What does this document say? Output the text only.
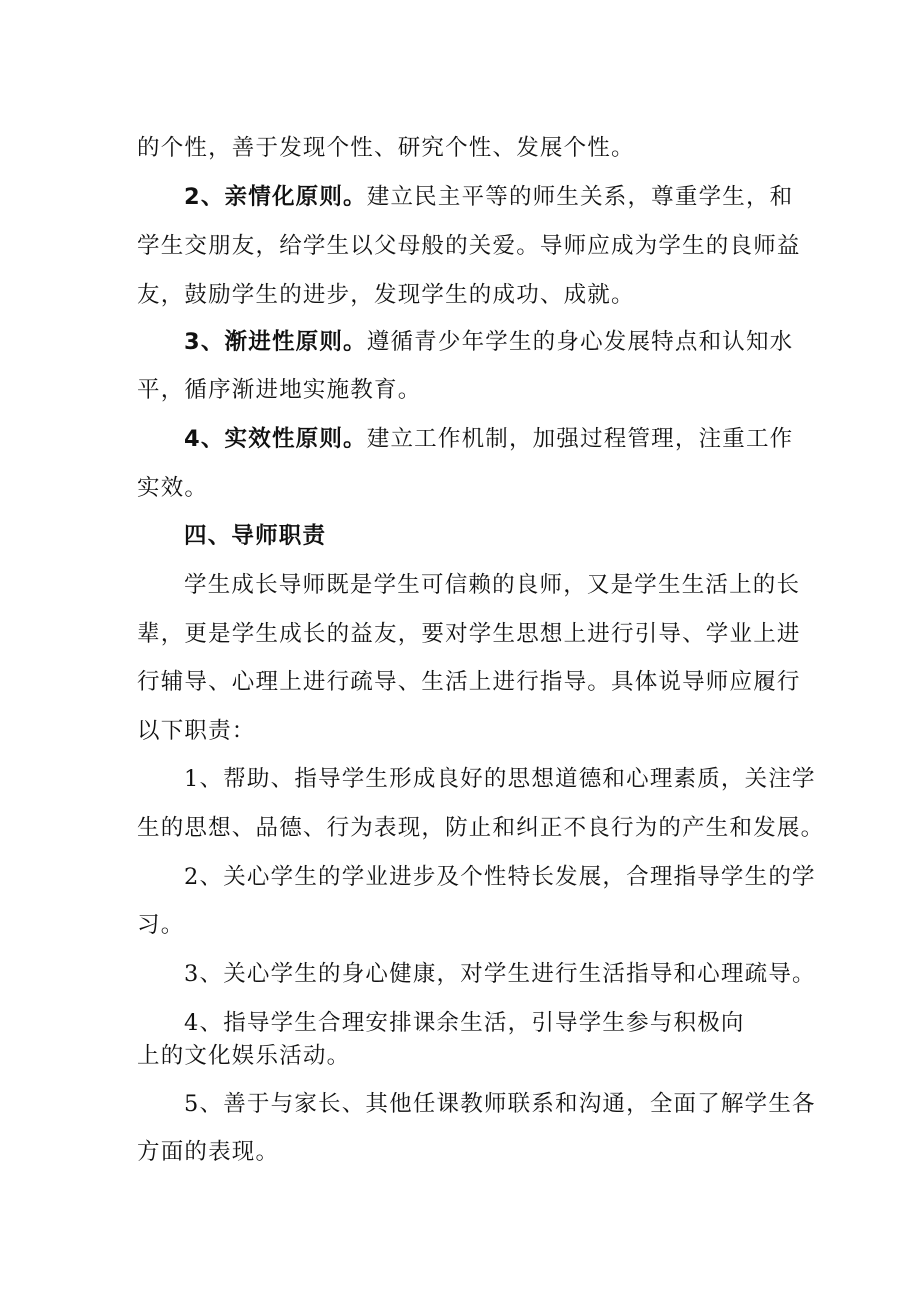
的个性，善于发现个性、研究个性、发展个性。
2、亲情化原则。建立民主平等的师生关系，尊重学生，和
学生交朋友，给学生以父母般的关爱。导师应成为学生的良师益
友，鼓励学生的进步，发现学生的成功、成就。
3、渐进性原则。遵循青少年学生的身心发展特点和认知水
平，循序渐进地实施教育。
4、实效性原则。建立工作机制，加强过程管理，注重工作
实效。
四、导师职责
学生成长导师既是学生可信赖的良师，又是学生生活上的长
辈，更是学生成长的益友，要对学生思想上进行引导、学业上进
行辅导、心理上进行疏导、生活上进行指导。具体说导师应履行
以下职责：
1、帮助、指导学生形成良好的思想道德和心理素质，关注学
生的思想、品德、行为表现，防止和纠正不良行为的产生和发展。
2、关心学生的学业进步及个性特长发展，合理指导学生的学
习。
3、关心学生的身心健康，对学生进行生活指导和心理疏导。
4、指导学生合理安排课余生活，引导学生参与积极向
上的文化娱乐活动。
5、善于与家长、其他任课教师联系和沟通，全面了解学生各
方面的表现。
